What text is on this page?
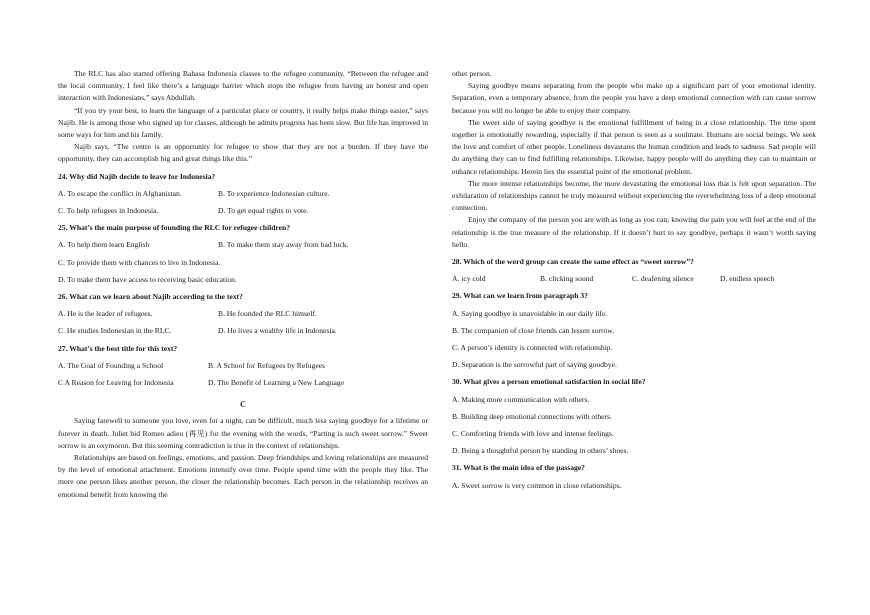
The RLC has also started offering Bahasa Indonesia classes to the refugee community. “Between the refugee and the local community, I feel like there’s a language barrier which stops the refugee from having an honest and open interaction with Indonesians,” says Abdullah.

“If you try your best, to learn the language of a particular place or country, it really helps make things easier,” says Najib. He is among those who signed up for classes, although he admits progress has been slow. But life has improved in some ways for him and his family.

Najib says, “The centre is an opportunity for refugee to show that they are not a burden. If they have the opportunity, they can accomplish big and great things like this.”

24. Why did Najib decide to leave for Indonesia?
A. To escape the conflict in Afghanistan.	B. To experience Indonesian culture.
C. To help refugees in Indonesia.	D. To get equal rights to vote.
25. What’s the main purpose of founding the RLC for refugee children?
A. To help them learn English	B. To make them stay away from bad luck.
C. To provide them with chances to live in Indonesia.
D. To make them have access to receiving basic education.
26. What can we learn about Najib according to the text?
A. He is the leader of refugees.	B. He founded the RLC himself.
C. He studies Indonesian in the RLC.	D. He lives a wealthy life in Indonesia.
27. What’s the best title for this text?
A. The Goal of Founding a School	B. A School for Refugees by Refugees
C A Reason for Leaving for Indonesia	D. The Benefit of Learning a New Language
C

Saying farewell to someone you love, even for a night, can be difficult, much less saying goodbye for a lifetime or forever in death. Juliet bid Romeo adieu (再见) for the evening with the words, “Parting is such sweet sorrow.” Sweet sorrow is an oxymoron. But this seeming contradiction is true in the context of relationships.

Relationships are based on feelings, emotions, and passion. Deep friendships and loving relationships are measured by the level of emotional attachment. Emotions intensify over time. People spend time with the people they like. The more one person likes another person, the closer the relationship becomes. Each person in the relationship receives an emotional benefit from knowing the

other person.

Saying goodbye means separating from the people who make up a significant part of your emotional identity. Separation, even a temporary absence, from the people you have a deep emotional connection with can cause sorrow because you will no longer be able to enjoy their company.

The sweet side of saying goodbye is the emotional fulfillment of being in a close relationship. The time spent together is emotionally rewarding, especially if that person is seen as a soulmate. Humans are social beings. We seek the love and comfort of other people. Loneliness devastates the human condition and leads to sadness. Sad people will do anything they can to find fulfilling relationships. Likewise, happy people will do anything they can to maintain or enhance relationships. Herein lies the essential point of the emotional problem.

The more intense relationships become, the more devastating the emotional loss that is felt upon separation. The exhilaration of relationships cannot be truly measured without experiencing the overwhelming loss of a deep emotional connection.

Enjoy the company of the person you are with as long as you can; knowing the pain you will feel at the end of the relationship is the true measure of the relationship. If it doesn’t hurt to say goodbye, perhaps it wasn’t worth saying hello.

28. Which of the word group can create the same effect as “sweet sorrow”?
A. icy cold	B. clicking sound	C. deafening silence	D. endless speech
29. What can we learn from paragraph 3?
A. Saying goodbye is unavoidable in our daily life.
B. The companion of close friends can lessen sorrow.
C. A person’s identity is connected with relationship.
D. Separation is the sorrowful part of saying goodbye.
30. What gives a person emotional satisfaction in social life?
A. Making more communication with others.
B. Building deep emotional connections with others.
C. Comforting friends with love and intense feelings.
D. Being a thoughtful person by standing in others’ shoes.
31. What is the main idea of the passage?
A. Sweet sorrow is very common in close relationships.
